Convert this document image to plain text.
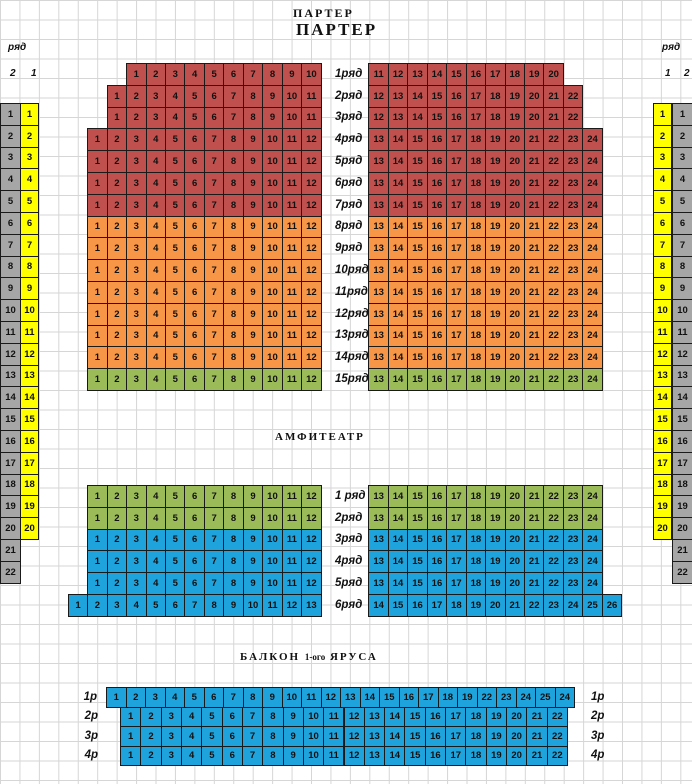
ПАРТЕР
ПАРТЕР
АМФИТЕАТР
БАЛКОН 1-ого ЯРУСА
ряд
2 1
ряд
1 2
1	1
2	2
3	3
4	4
5	5
6	6
7	7
8	8
9	9
10	10
11	11
12	12
13	13
14	14
15	15
16	16
17	17
18	18
19	19
20	20
1	1
2	2
3	3
4	4
5	5
6	6
7	7
8	8
9	9
10	10
11	11
12	12
13	13
14	14
15	15
16	16
17	17
18	18
19	19
20	20
21	21
22	22
1	2	3	4	5	6	7	8	9	10	11 12 13 14 15 16 17 18 19 20
1ряд
1	2	3	4	5	6	7	8	9	10 11	12 13 14 15 16 17 18 19 20 21 22
2ряд
1	2	3	4	5	6	7	8	9	10 11	12 13 14 15 16 17 18 19 20 21 22
3ряд
1	2	3	4	5	6	7	8	9	10 11 12	13 14 15 16 17 18 19 20 21 22 23 24
4ряд
1	2	3	4	5	6	7	8	9	10 11 12	13 14 15 16 17 18 19 20 21 22 23 24
5ряд
1	2	3	4	5	6	7	8	9	10 11 12	13 14 15 16 17 18 19 20 21 22 23 24
6ряд
1	2	3	4	5	6	7	8	9	10 11 12	13 14 15 16 17 18 19 20 21 22 23 24
7ряд
1	2	3	4	5	6	7	8	9	10 11 12	13 14 15 16 17 18 19 20 21 22 23 24
8ряд
1	2	3	4	5	6	7	8	9	10 11 12	13 14 15 16 17 18 19 20 21 22 23 24
9ряд
1	2	3	4	5	6	7	8	9	10 11 12	13 14 15 16 17 18 19 20 21 22 23 24
10ряд
1	2	3	4	5	6	7	8	9	10 11 12	13 14 15 16 17 18 19 20 21 22 23 24
11ряд
1	2	3	4	5	6	7	8	9	10 11 12	13 14 15 16 17 18 19 20 21 22 23 24
12ряд
1	2	3	4	5	6	7	8	9	10 11 12	13 14 15 16 17 18 19 20 21 22 23 24
13ряд
1	2	3	4	5	6	7	8	9	10 11 12	13 14 15 16 17 18 19 20 21 22 23 24
14ряд
1	2	3	4	5	6	7	8	9	10 11 12	13 14 15 16 17 18 19 20 21 22 23 24
15ряд
1	2	3	4	5	6	7	8	9	10 11 12	13 14 15 16 17 18 19 20 21 22 23 24
1 ряд
1	2	3	4	5	6	7	8	9	10 11 12	13 14 15 16 17 18 19 20 21 22 23 24
2ряд
1	2	3	4	5	6	7	8	9	10 11 12	13 14 15 16 17 18 19 20 21 22 23 24
3ряд
1	2	3	4	5	6	7	8	9	10 11 12	13 14 15 16 17 18 19 20 21 22 23 24
4ряд
1	2	3	4	5	6	7	8	9	10 11 12	13 14 15 16 17 18 19 20 21 22 23 24
5ряд
1	2	3	4	5	6	7	8	9	10 11 12 13	14 15 16 17 18 19 20 21 22 23 24 25 26
6ряд
1	2	3	4	5	6	7	8	9	10 11 12 13 14 15 16 17 18 19 22 23 24 25 24
1р	1р
1	2	3	4	5	6	7	8	9	10	11	12	13	14	15	16	17	18	19	20	21	22
2р	2р
1	2	3	4	5	6	7	8	9	10	11	12	13	14	15	16	17	18	19	20	21	22
3р	3р
1	2	3	4	5	6	7	8	9	10	11	12	13	14	15	16	17	18	19	20	21	22
4р	4р
